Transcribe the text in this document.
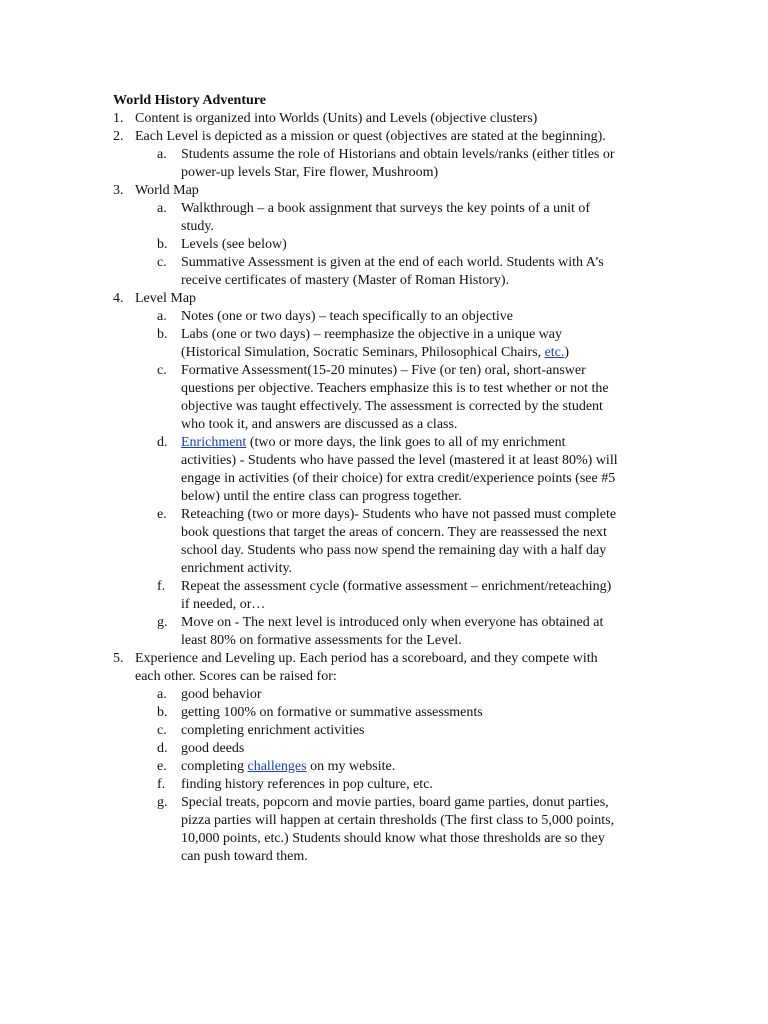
World History Adventure
1. Content is organized into Worlds (Units) and Levels (objective clusters)
2. Each Level is depicted as a mission or quest (objectives are stated at the beginning).
a.	Students assume the role of Historians and obtain levels/ranks (either titles or
power-up levels Star, Fire flower, Mushroom)
3. World Map
a.	Walkthrough – a book assignment that surveys the key points of a unit of
study.
b. Levels (see below)
c.	Summative Assessment is given at the end of each world. Students with A’s
receive certificates of mastery (Master of Roman History).
4. Level Map
a.	Notes (one or two days) – teach specifically to an objective
b. Labs (one or two days) – reemphasize the objective in a unique way
(Historical Simulation, Socratic Seminars, Philosophical Chairs, etc.)
c.	Formative Assessment(15-20 minutes) – Five (or ten) oral, short-answer
questions per objective. Teachers emphasize this is to test whether or not the
objective was taught effectively. The assessment is corrected by the student
who took it, and answers are discussed as a class.
d. Enrichment (two or more days, the link goes to all of my enrichment
activities) - Students who have passed the level (mastered it at least 80%) will
engage in activities (of their choice) for extra credit/experience points (see #5
below) until the entire class can progress together.
e.	Reteaching (two or more days)- Students who have not passed must complete
book questions that target the areas of concern. They are reassessed the next
school day. Students who pass now spend the remaining day with a half day
enrichment activity.
f.	Repeat the assessment cycle (formative assessment – enrichment/reteaching)
if needed, or…
g. Move on - The next level is introduced only when everyone has obtained at
least 80% on formative assessments for the Level.
5. Experience and Leveling up. Each period has a scoreboard, and they compete with
each other. Scores can be raised for:
a.	good behavior
b. getting 100% on formative or summative assessments
c.	completing enrichment activities
d. good deeds
e.	completing challenges on my website.
f.	finding history references in pop culture, etc.
g. Special treats, popcorn and movie parties, board game parties, donut parties,
pizza parties will happen at certain thresholds (The first class to 5,000 points,
10,000 points, etc.) Students should know what those thresholds are so they
can push toward them.
